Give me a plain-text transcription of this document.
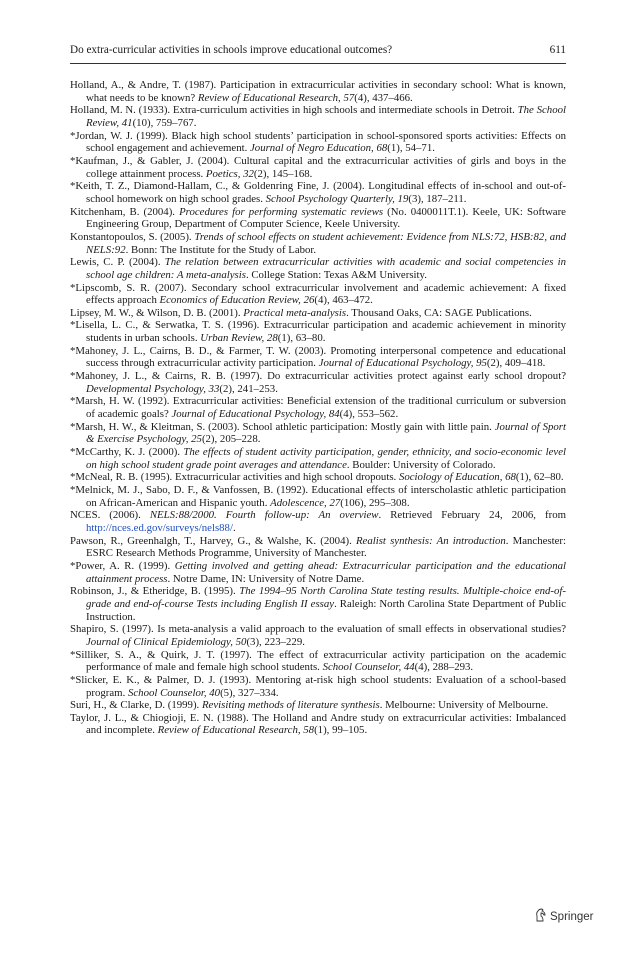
Do extra-curricular activities in schools improve educational outcomes?	611

Holland, A., & Andre, T. (1987). Participation in extracurricular activities in secondary school: What is known, what needs to be known? Review of Educational Research, 57(4), 437–466.

Holland, M. N. (1933). Extra-curriculum activities in high schools and intermediate schools in Detroit. The School Review, 41(10), 759–767.

*Jordan, W. J. (1999). Black high school students’ participation in school-sponsored sports activities: Effects on school engagement and achievement. Journal of Negro Education, 68(1), 54–71.

*Kaufman, J., & Gabler, J. (2004). Cultural capital and the extracurricular activities of girls and boys in the college attainment process. Poetics, 32(2), 145–168.

*Keith, T. Z., Diamond-Hallam, C., & Goldenring Fine, J. (2004). Longitudinal effects of in-school and out-of-school homework on high school grades. School Psychology Quarterly, 19(3), 187–211.

Kitchenham, B. (2004). Procedures for performing systematic reviews (No. 0400011T.1). Keele, UK: Software Engineering Group, Department of Computer Science, Keele University.

Konstantopoulos, S. (2005). Trends of school effects on student achievement: Evidence from NLS:72, HSB:82, and NELS:92. Bonn: The Institute for the Study of Labor.

Lewis, C. P. (2004). The relation between extracurricular activities with academic and social competencies in school age children: A meta-analysis. College Station: Texas A&M University.

*Lipscomb, S. R. (2007). Secondary school extracurricular involvement and academic achievement: A fixed effects approach Economics of Education Review, 26(4), 463–472.

Lipsey, M. W., & Wilson, D. B. (2001). Practical meta-analysis. Thousand Oaks, CA: SAGE Publications.

*Lisella, L. C., & Serwatka, T. S. (1996). Extracurricular participation and academic achievement in minority students in urban schools. Urban Review, 28(1), 63–80.

*Mahoney, J. L., Cairns, B. D., & Farmer, T. W. (2003). Promoting interpersonal competence and educational success through extracurricular activity participation. Journal of Educational Psychology, 95(2), 409–418.

*Mahoney, J. L., & Cairns, R. B. (1997). Do extracurricular activities protect against early school dropout? Developmental Psychology, 33(2), 241–253.

*Marsh, H. W. (1992). Extracurricular activities: Beneficial extension of the traditional curriculum or subversion of academic goals? Journal of Educational Psychology, 84(4), 553–562.

*Marsh, H. W., & Kleitman, S. (2003). School athletic participation: Mostly gain with little pain. Journal of Sport & Exercise Psychology, 25(2), 205–228.

*McCarthy, K. J. (2000). The effects of student activity participation, gender, ethnicity, and socio-economic level on high school student grade point averages and attendance. Boulder: University of Colorado.

*McNeal, R. B. (1995). Extracurricular activities and high school dropouts. Sociology of Education, 68(1), 62–80.

*Melnick, M. J., Sabo, D. F., & Vanfossen, B. (1992). Educational effects of interscholastic athletic participation on African-American and Hispanic youth. Adolescence, 27(106), 295–308.

NCES. (2006). NELS:88/2000. Fourth follow-up: An overview. Retrieved February 24, 2006, from http://nces.ed.gov/surveys/nels88/.

Pawson, R., Greenhalgh, T., Harvey, G., & Walshe, K. (2004). Realist synthesis: An introduction. Manchester: ESRC Research Methods Programme, University of Manchester.

*Power, A. R. (1999). Getting involved and getting ahead: Extracurricular participation and the educational attainment process. Notre Dame, IN: University of Notre Dame.

Robinson, J., & Etheridge, B. (1995). The 1994–95 North Carolina State testing results. Multiple-choice end-of-grade and end-of-course Tests including English II essay. Raleigh: North Carolina State Department of Public Instruction.

Shapiro, S. (1997). Is meta-analysis a valid approach to the evaluation of small effects in observational studies? Journal of Clinical Epidemiology, 50(3), 223–229.

*Silliker, S. A., & Quirk, J. T. (1997). The effect of extracurricular activity participation on the academic performance of male and female high school students. School Counselor, 44(4), 288–293.

*Slicker, E. K., & Palmer, D. J. (1993). Mentoring at-risk high school students: Evaluation of a school-based program. School Counselor, 40(5), 327–334.

Suri, H., & Clarke, D. (1999). Revisiting methods of literature synthesis. Melbourne: University of Melbourne.

Taylor, J. L., & Chiogioji, E. N. (1988). The Holland and Andre study on extracurricular activities: Imbalanced and incomplete. Review of Educational Research, 58(1), 99–105.

Springer
